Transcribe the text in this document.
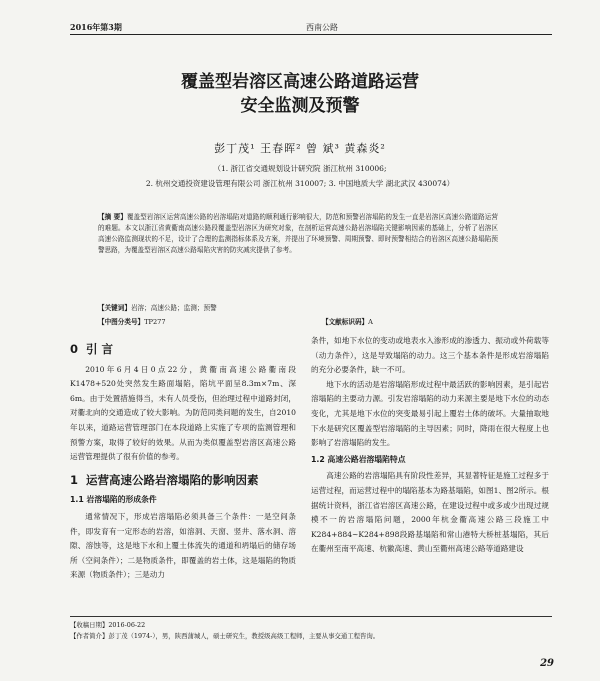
2016年第3期	西南公路
覆盖型岩溶区高速公路道路运营
安全监测及预警
彭丁茂¹ 王春晖² 曾 斌³ 黄森炎²
（1. 浙江省交通规划设计研究院 浙江杭州 310006;
2. 杭州交通投资建设管理有限公司 浙江杭州 310007; 3. 中国地质大学 湖北武汉 430074）
【摘 要】覆盖型岩溶区运营高速公路的岩溶塌陷对道路的顺利通行影响很大，防范和预警岩溶塌陷的发生一直是岩溶区高速公路道路运营的难题。本文以浙江省黄衢南高速公路段覆盖型岩溶区为研究对象，在剖析运营高速公路岩溶塌陷关键影响因素的基础上，分析了岩溶区高速公路监测现状的不足，设计了合理的监测指标体系及方案，并提出了环境预警、周期预警、即时预警相结合的岩溶区高速公路塌陷预警思路，为覆盖型岩溶区高速公路塌陷灾害的防灾减灾提供了参考。
【关键词】岩溶；高速公路；监测；预警
【中图分类号】TP277	【文献标识码】A
0 引 言

2010年6月4日0点22分，黄衢南高速公路衢南段K1478+520处突然发生路面塌陷，陷坑平面呈8.3m×7m、深6m。由于处置措施得当，未有人员受伤，但治理过程中道路封闭，对衢北向的交通造成了较大影响。为防范同类问题的发生，自2010年以来，道路运营管理部门在本段道路上实施了专项的监测管理和预警方案，取得了较好的效果。从而为类似覆盖型岩溶区高速公路运营管理提供了很有价值的参考。

1 运营高速公路岩溶塌陷的影响因素
1.1 岩溶塌陷的形成条件

通常情况下，形成岩溶塌陷必须具备三个条件：一是空间条件，即发育有一定形态的岩溶，如溶洞、天窗、竖井、落水洞、溶隙、溶蚀等，这是地下水和上覆土体流失的通道和坍塌后的储存场所（空间条件）；二是物质条件，即覆盖的岩土体，这是塌陷的物质来源（物质条件）；三是动力

条件，如地下水位的变动或地表水入渗形成的渗透力、振动或外荷载等（动力条件），这是导致塌陷的动力。这三个基本条件是形成岩溶塌陷的充分必要条件，缺一不可。

地下水的活动是岩溶塌陷形成过程中最活跃的影响因素，是引起岩溶塌陷的主要动力源。引发岩溶塌陷的动力来源主要是地下水位的动态变化，尤其是地下水位的突变最易引起上覆岩土体的破坏。大量抽取地下水是研究区覆盖型岩溶塌陷的主导因素；同时，降雨在很大程度上也影响了岩溶塌陷的发生。

1.2 高速公路岩溶塌陷特点

高速公路的岩溶塌陷具有阶段性差异，其显著特征是施工过程多于运营过程，而运营过程中的塌陷基本为路基塌陷，如图1、图2所示。根据统计资料，浙江省岩溶区高速公路，在建设过程中或多或少出现过规模不一的岩溶塌陷问题，2000年杭金衢高速公路三段施工中K284+884~K284+898段路基塌陷和常山港特大桥桩基塌陷，其后在衢州至南平高速、杭徽高速、黄山至衢州高速公路等道路建设

【收稿日期】2016-06-22
【作者简介】彭丁茂（1974-），男，陕西蒲城人，硕士研究生，教授级高级工程师，主要从事交通工程咨询。
29
